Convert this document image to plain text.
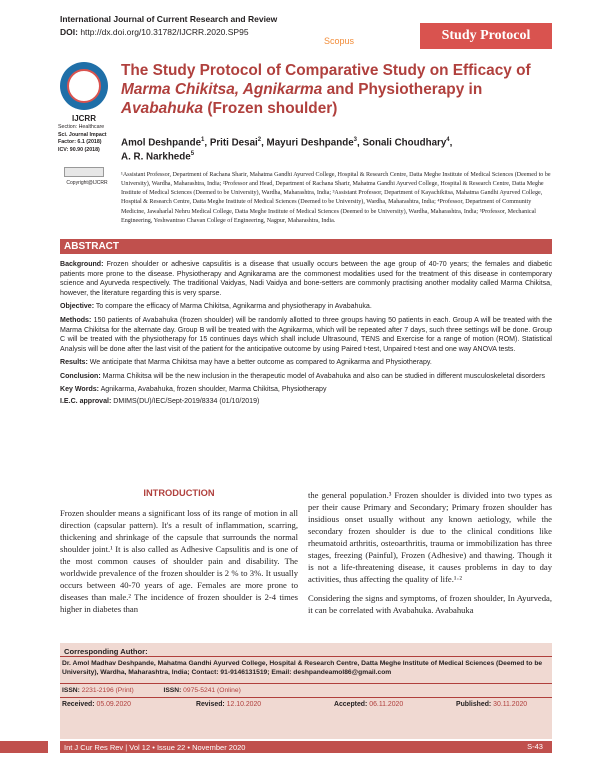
International Journal of Current Research and Review
DOI: http://dx.doi.org/10.31782/IJCRR.2020.SP95
Scopus	Study Protocol
IJCRR
Section: Healthcare
Sci. Journal Impact Factor: 6.1 (2018)
ICV: 90.90 (2018)
Copyright@IJCRR
The Study Protocol of Comparative Study on Efficacy of Marma Chikitsa, Agnikarma and Physiotherapy in Avabahuka (Frozen shoulder)
Amol Deshpande$^1$, Priti Desai$^2$, Mayuri Deshpande$^3$, Sonali Choudhary$^4$,
A. R. Narkhede$^5$
¹Assistant Professor, Department of Rachana Sharir, Mahatma Gandhi Ayurved College, Hospital & Research Centre, Datta Meghe Institute of Medical Sciences (Deemed to be University), Wardha, Maharashtra, India; ²Professor and Head, Department of Rachana Sharir, Mahatma Gandhi Ayurved College, Hospital & Research Centre, Datta Meghe Institute of Medical Sciences (Deemed to be University), Wardha, Maharashtra, India; ³Assistant Professor, Department of Kayachikitsa, Mahatma Gandhi Ayurved College, Hospital & Research Centre, Datta Meghe Institute of Medical Sciences (Deemed to be University), Wardha, Maharashtra, India; ⁴Professor, Department of Community Medicine, Jawaharlal Nehru Medical College, Datta Meghe Institute of Medical Sciences (Deemed to be University), Wardha, Maharashtra, India; ⁵Professor, Mechanical Engineering, Yeshwantrao Chavan College of Engineering, Nagpur, Maharashtra, India.
ABSTRACT

Background: Frozen shoulder or adhesive capsulitis is a disease that usually occurs between the age group of 40-70 years; the females and diabetic patients more prone to the disease. Physiotherapy and Agnikarama are the commonest modalities used for the treatment of this disease in contemporary science and Ayurveda respectively. The traditional Vaidyas, Nadi Vaidya and bone-setters are commonly practising another modality called Marma Chikitsa, however, the literature regarding this is very sparse.

Objective: To compare the efficacy of Marma Chikitsa, Agnikarma and physiotherapy in Avabahuka.

Methods: 150 patients of Avabahuka (frozen shoulder) will be randomly allotted to three groups having 50 patients in each. Group A will be treated with the Marma Chikitsa for the alternate day. Group B will be treated with the Agnikarma, which will be repeated after 7 days, such three settings will be done. Group C will be treated with the physiotherapy for 15 continues days which shall include Ultrasound, TENS and Exercise for a range of motion (ROM). Statistical Analysis will be done after the last visit of the patient for the anticipative outcome by using Paired t-test, Unpaired t-test and one way ANOVA tests.

Results: We anticipate that Marma Chikitsa may have a better outcome as compared to Agnikarma and Physiotherapy.

Conclusion: Marma Chikitsa will be the new inclusion in the therapeutic model of Avabahuka and also can be studied in different musculoskeletal disorders

Key Words: Agnikarma, Avabahuka, frozen shoulder, Marma Chikitsa, Physiotherapy

I.E.C. approval: DMIMS(DU)/IEC/Sept-2019/8334 (01/10/2019)

INTRODUCTION
Frozen shoulder means a significant loss of its range of motion in all direction (capsular pattern). It's a result of inflammation, scarring, thickening and shrinkage of the capsule that surrounds the normal shoulder joint.¹ It is also called as Adhesive Capsulitis and is one of the most common causes of shoulder pain and disability. The worldwide prevalence of the frozen shoulder is 2 % to 3%. It usually occurs between 40-70 years of age. Females are more prone to diseases than male.² The incidence of frozen shoulder is 2-4 times higher in diabetes than
the general population.³ Frozen shoulder is divided into two types as per their cause Primary and Secondary; Primary frozen shoulder has insidious onset usually without any known aetiology, while the secondary frozen shoulder is due to the clinical conditions like rheumatoid arthritis, osteoarthritis, trauma or immobilization has three stages, freezing (Painful), Frozen (Adhesive) and thawing. Though it is not a life-threatening disease, it causes problems in day to day activities, thus affecting the quality of life.¹·²
Considering the signs and symptoms, of frozen shoulder, In Ayurveda, it can be correlated with Avabahuka. Avabahuka
Corresponding Author:
Dr. Amol Madhav Deshpande, Mahatma Gandhi Ayurved College, Hospital & Research Centre, Datta Meghe Institute of Medical Sciences (Deemed to be University), Wardha, Maharashtra, India; Contact: 91-9146131519; Email: deshpandeamol86@gmail.com
ISSN: 2231-2196 (Print)	ISSN: 0975-5241 (Online)
Received: 05.09.2020	Revised: 12.10.2020	Accepted: 06.11.2020	Published: 30.11.2020
Int J Cur Res Rev | Vol 12 • Issue 22 • November 2020	S-43
